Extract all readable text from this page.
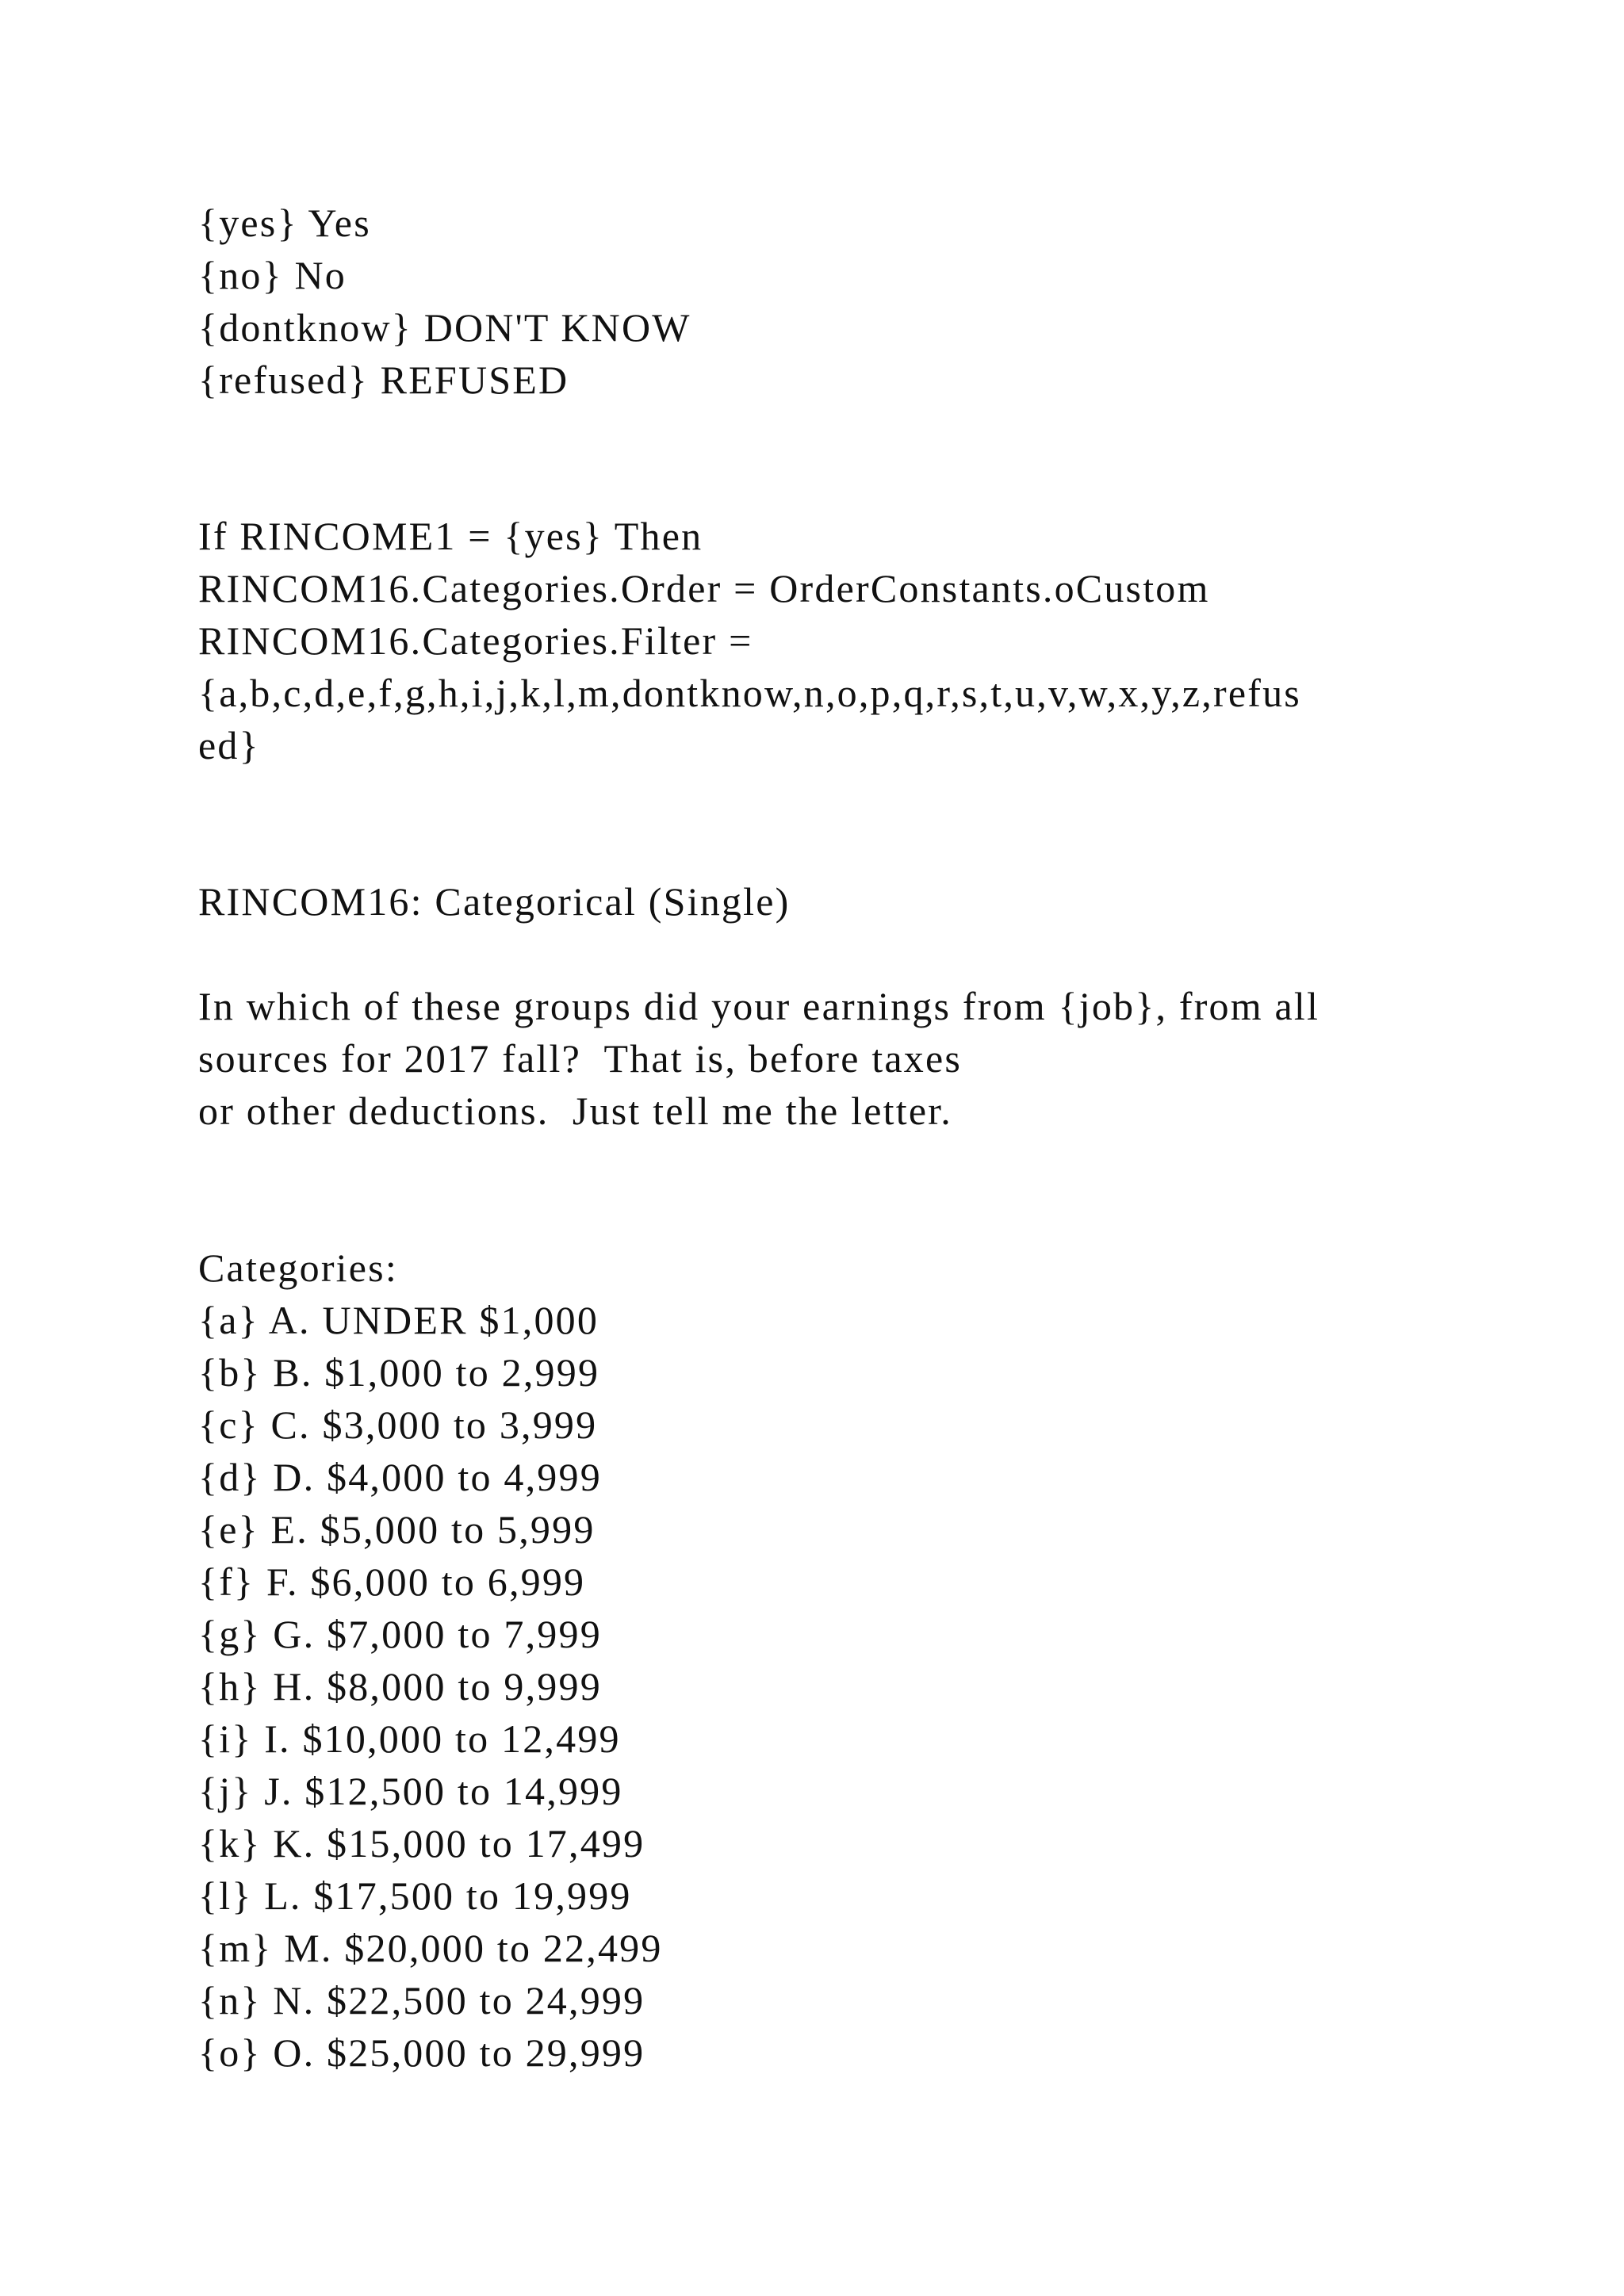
{yes} Yes

{no} No

{dontknow} DON'T KNOW

{refused} REFUSED

If RINCOME1 = {yes} Then

RINCOM16.Categories.Order = OrderConstants.oCustom

RINCOM16.Categories.Filter =

{a,b,c,d,e,f,g,h,i,j,k,l,m,dontknow,n,o,p,q,r,s,t,u,v,w,x,y,z,refus

ed}

RINCOM16: Categorical (Single)

In which of these groups did your earnings from {job}, from all

sources for 2017 fall?  That is, before taxes

or other deductions.  Just tell me the letter.

Categories:

{a} A. UNDER $1,000

{b} B. $1,000 to 2,999

{c} C. $3,000 to 3,999

{d} D. $4,000 to 4,999

{e} E. $5,000 to 5,999

{f} F. $6,000 to 6,999

{g} G. $7,000 to 7,999

{h} H. $8,000 to 9,999

{i} I. $10,000 to 12,499

{j} J. $12,500 to 14,999

{k} K. $15,000 to 17,499

{l} L. $17,500 to 19,999

{m} M. $20,000 to 22,499

{n} N. $22,500 to 24,999

{o} O. $25,000 to 29,999
